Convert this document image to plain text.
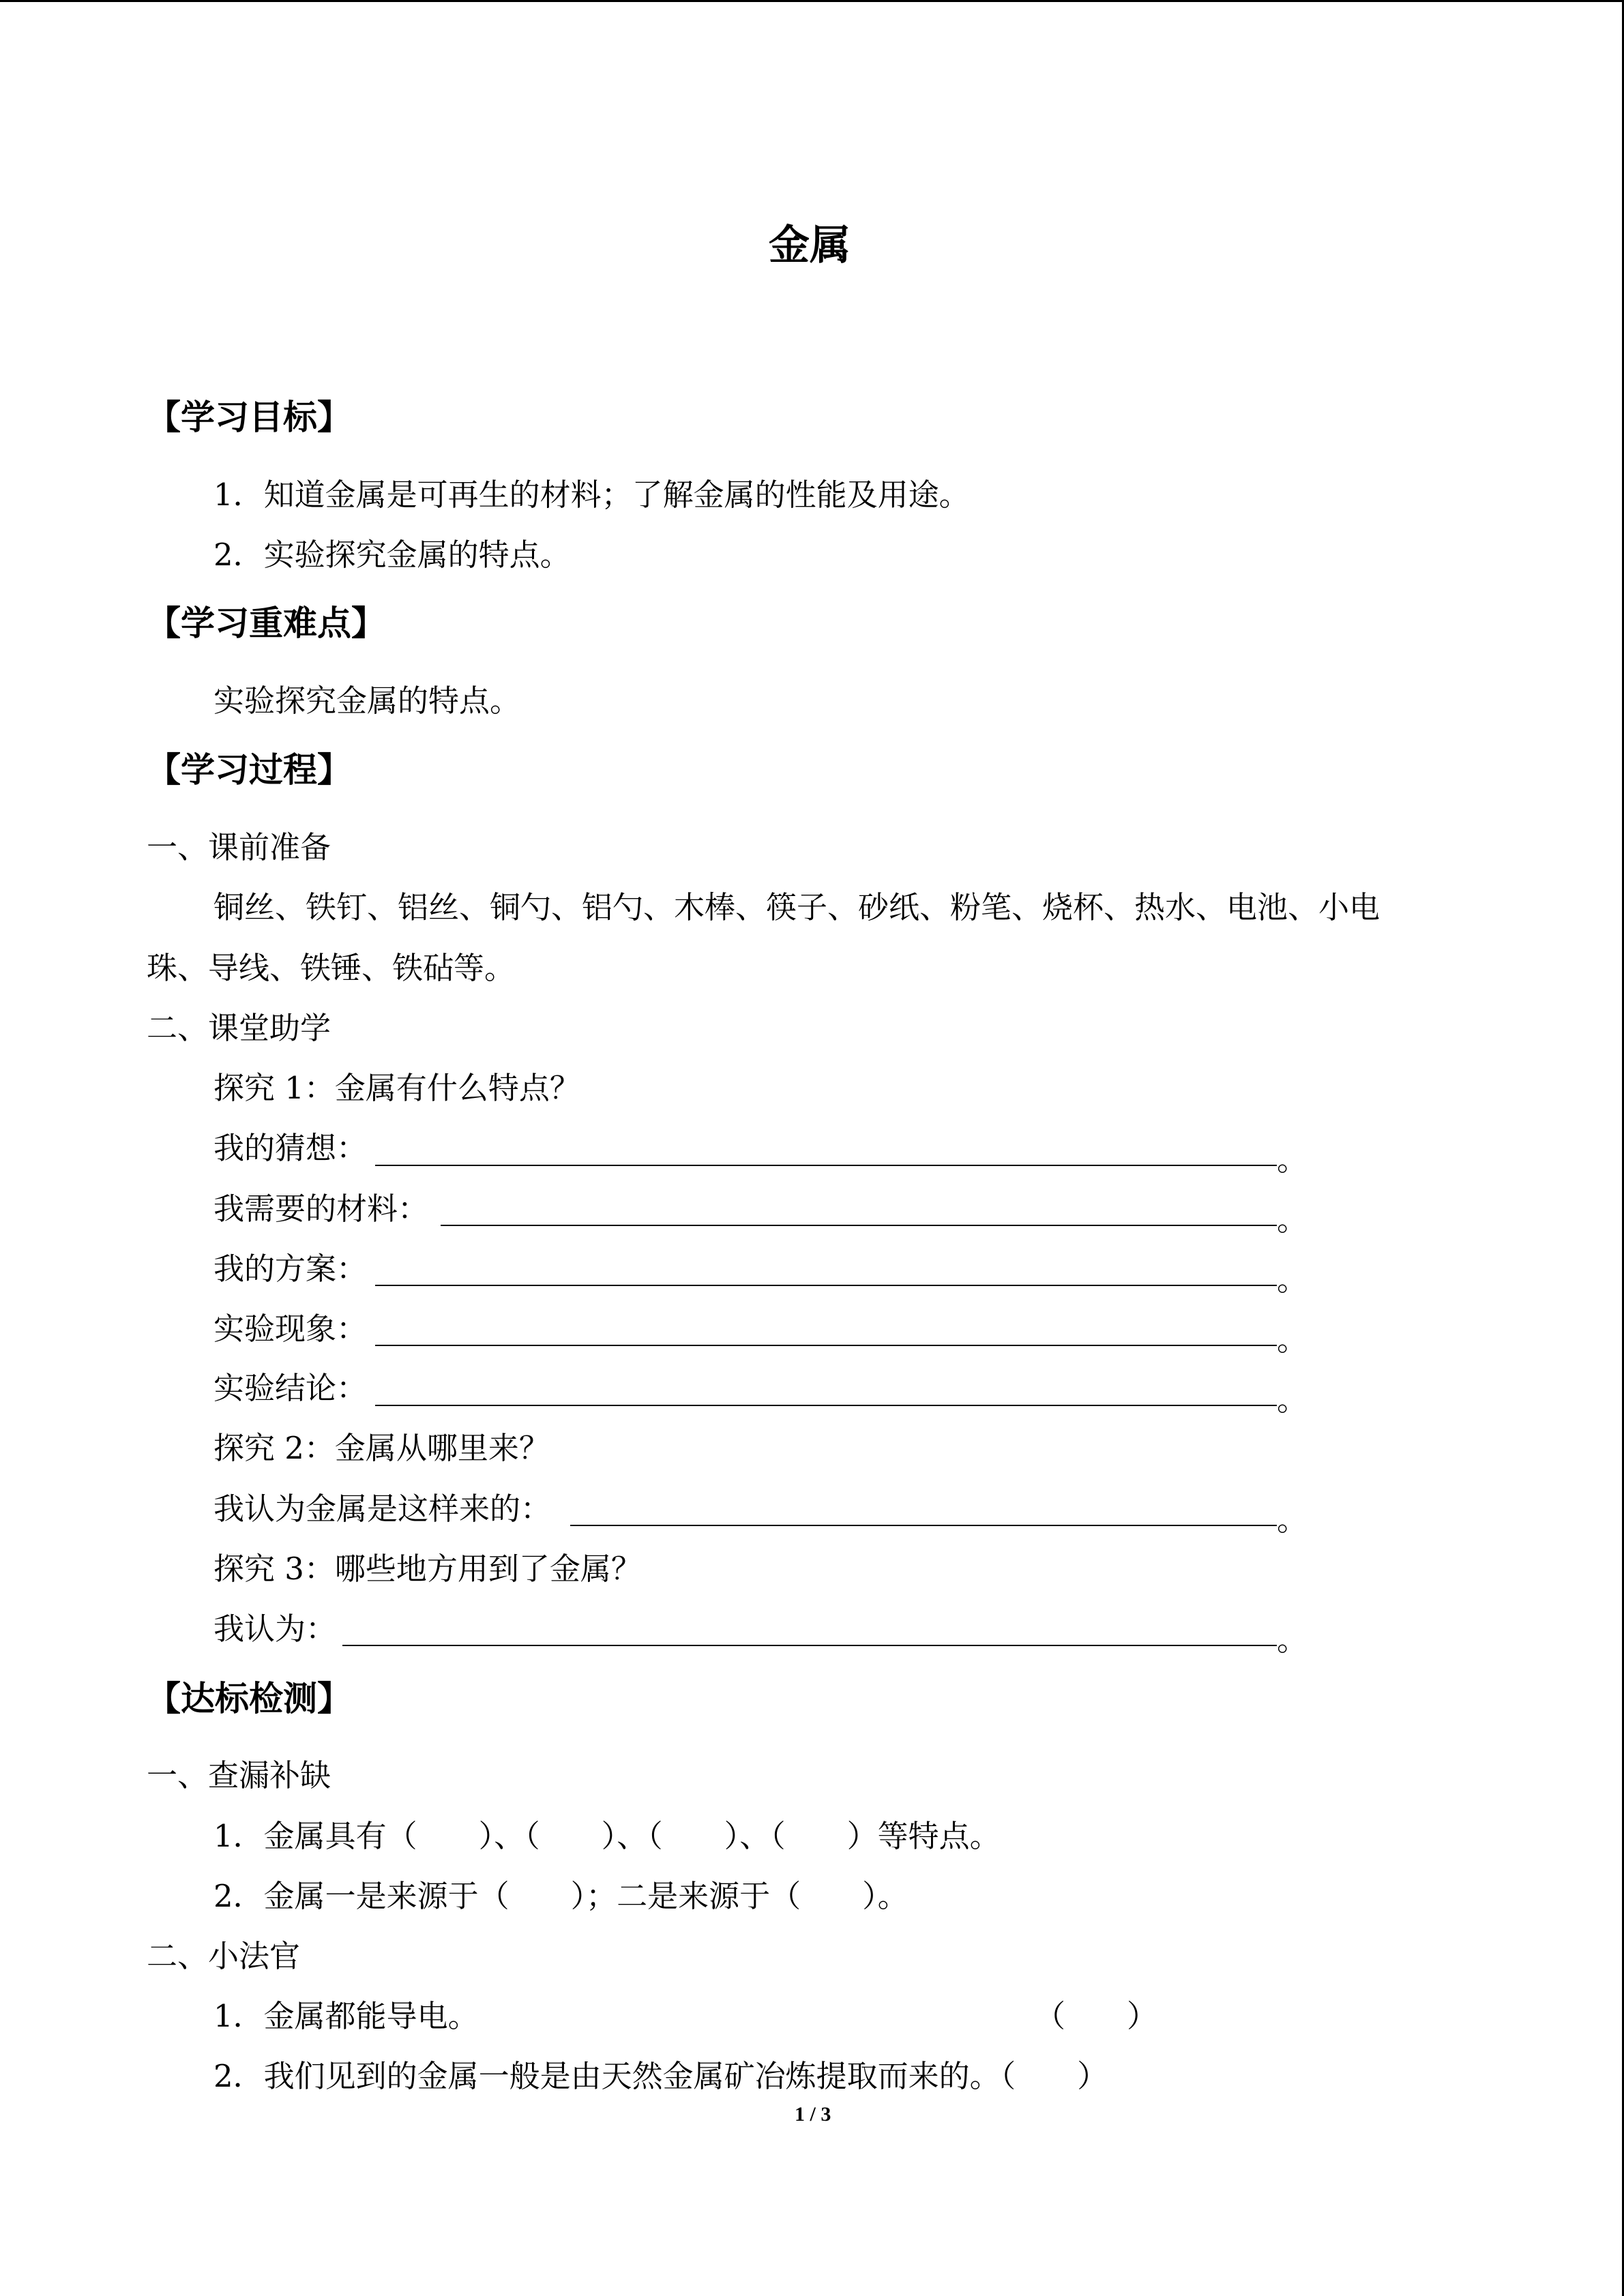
金属
【学习目标】
1．知道金属是可再生的材料；了解金属的性能及用途。
2．实验探究金属的特点。
【学习重难点】
实验探究金属的特点。
【学习过程】
一、课前准备
铜丝、铁钉、铝丝、铜勺、铝勺、木棒、筷子、砂纸、粉笔、烧杯、热水、电池、小电
珠、导线、铁锤、铁砧等。
二、课堂助学
探究 1：金属有什么特点？
我的猜想：	。
我需要的材料：	。
我的方案：	。
实验现象：	。
实验结论：	。
探究 2：金属从哪里来？
我认为金属是这样来的：	。
探究 3：哪些地方用到了金属？
我认为：	。
【达标检测】
一、查漏补缺
1．金属具有（　　）、（　　）、（　　）、（　　）等特点。
2．金属一是来源于（　　）；二是来源于（　　）。
二、小法官
1．金属都能导电。	（　　）
2．我们见到的金属一般是由天然金属矿冶炼提取而来的。（　　）
1 / 3
